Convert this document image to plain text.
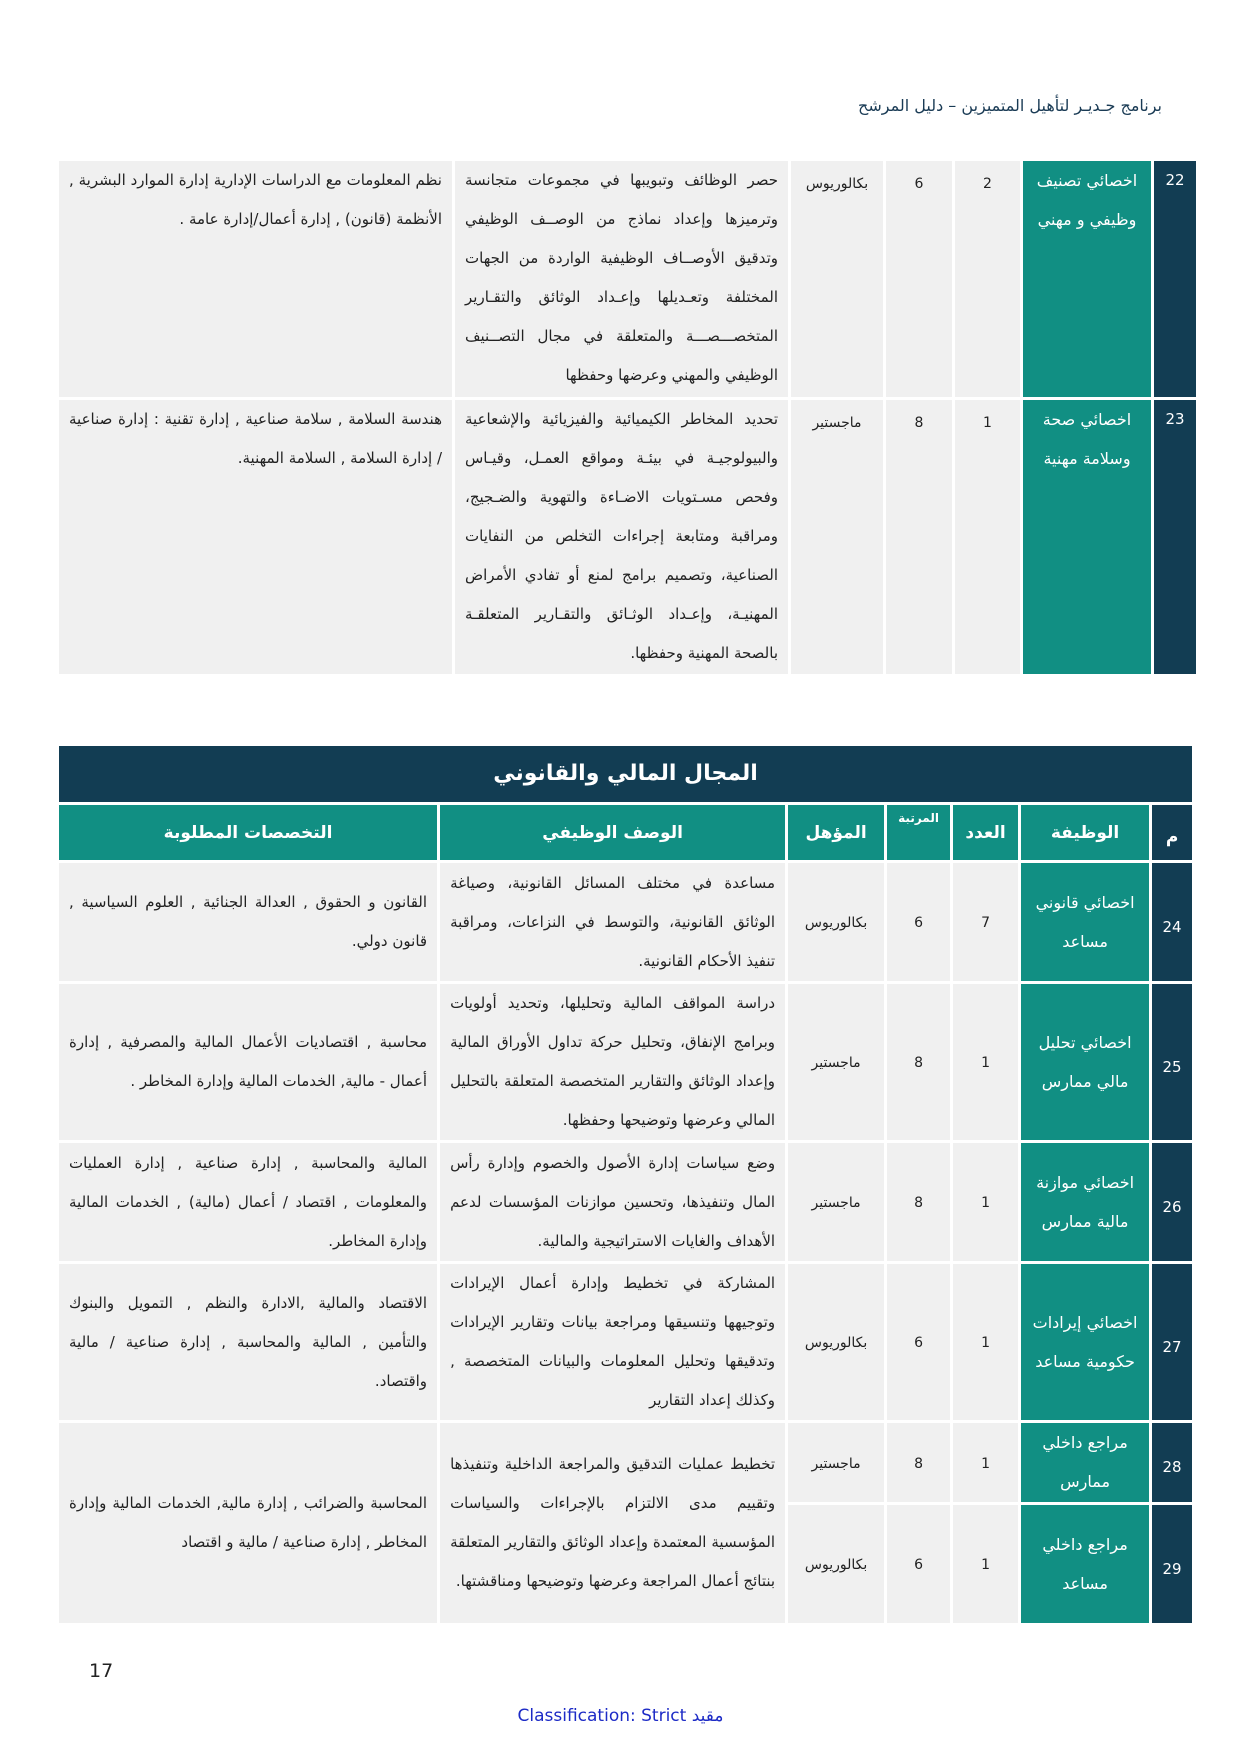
برنامج جـديـر لتأهيل المتميزين – دليل المرشح
22	اخصائي تصنيف وظيفي و مهني	2	6	بكالوريوس	حصر الوظائف وتبويبها في مجموعات متجانسة وترميزها وإعداد نماذج من الوصــف الوظيفي وتدقيق الأوصــاف الوظيفية الواردة من الجهات المختلفة وتعـديلها وإعـداد الوثائق والتقـارير المتخصـــصـــة والمتعلقة في مجال التصــنيف الوظيفي والمهني وعرضها وحفظها	نظم المعلومات مع الدراسات الإدارية إدارة الموارد البشرية , الأنظمة (قانون) , إدارة أعمال/إدارة عامة .
23	اخصائي صحة وسلامة مهنية	1	8	ماجستير	تحديد المخاطر الكيميائية والفيزيائية والإشعاعية والبيولوجيـة في بيئـة ومواقع العمـل، وقيـاس وفحص مسـتويات الاضـاءة والتهوية والضـجيج، ومراقبة ومتابعة إجراءات التخلص من النفايات الصناعية، وتصميم برامج لمنع أو تفادي الأمراض المهنيـة، وإعـداد الوثـائق والتقـارير المتعلقـة بالصحة المهنية وحفظها.	هندسة السلامة , سلامة صناعية , إدارة تقنية : إدارة صناعية / إدارة السلامة , السلامة المهنية.
المجال المالي والقانوني						
م	الوظيفة	العدد	المرتبة	المؤهل	الوصف الوظيفي	التخصصات المطلوبة
24	اخصائي قانوني مساعد	7	6	بكالوريوس	مساعدة في مختلف المسائل القانونية، وصياغة الوثائق القانونية، والتوسط في النزاعات، ومراقبة تنفيذ الأحكام القانونية.	القانون و الحقوق , العدالة الجنائية , العلوم السياسية , قانون دولي.
25	اخصائي تحليل مالي ممارس	1	8	ماجستير	دراسة المواقف المالية وتحليلها، وتحديد أولويات وبرامج الإنفاق، وتحليل حركة تداول الأوراق المالية وإعداد الوثائق والتقارير المتخصصة المتعلقة بالتحليل المالي وعرضها وتوضيحها وحفظها.	محاسبة , اقتصاديات الأعمال المالية والمصرفية , إدارة أعمال - مالية, الخدمات المالية وإدارة المخاطر .
26	اخصائي موازنة مالية ممارس	1	8	ماجستير	وضع سياسات إدارة الأصول والخصوم وإدارة رأس المال وتنفيذها، وتحسين موازنات المؤسسات لدعم الأهداف والغايات الاستراتيجية والمالية.	المالية والمحاسبة , إدارة صناعية , إدارة العمليات والمعلومات , اقتصاد / أعمال (مالية) , الخدمات المالية وإدارة المخاطر.
27	اخصائي إيرادات حكومية مساعد	1	6	بكالوريوس	المشاركة في تخطيط وإدارة أعمال الإيرادات وتوجيهها وتنسيقها ومراجعة بيانات وتقارير الإيرادات وتدقيقها وتحليل المعلومات والبيانات المتخصصة , وكذلك إعداد التقارير	الاقتصاد والمالية ,الادارة والنظم , التمويل والبنوك والتأمين , المالية والمحاسبة , إدارة صناعية / مالية واقتصاد.
28	مراجع داخلي ممارس	1	8	ماجستير	تخطيط عمليات التدقيق والمراجعة الداخلية وتنفيذها وتقييم مدى الالتزام بالإجراءات والسياسات المؤسسية المعتمدة وإعداد الوثائق والتقارير المتعلقة بنتائج أعمال المراجعة وعرضها وتوضيحها ومناقشتها.	المحاسبة والضرائب , إدارة مالية, الخدمات المالية وإدارة المخاطر , إدارة صناعية / مالية و اقتصاد
29	مراجع داخلي مساعد	1	6	بكالوريوس		
17
Classification: Strict مقيد
